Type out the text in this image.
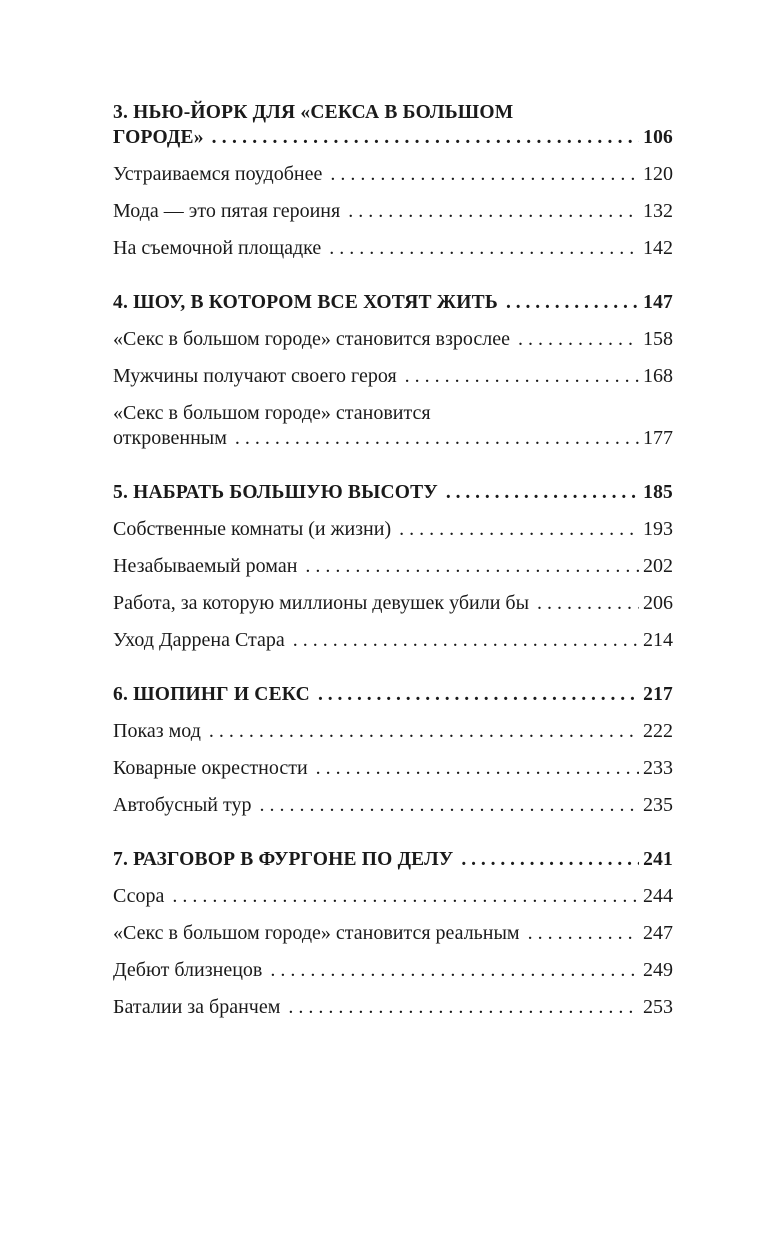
3. НЬЮ-ЙОРК ДЛЯ «СЕКСА В БОЛЬШОМ
ГОРОДЕ» . . .	106
Устраиваемся поудобнее . . .	120
Мода — это пятая героиня . . .	132
На съемочной площадке . . .	142
4. ШОУ, В КОТОРОМ ВСЕ ХОТЯТ ЖИТЬ . . .	147
«Секс в большом городе» становится взрослее . . .	158
Мужчины получают своего героя . . .	168
«Секс в большом городе» становится
откровенным . . .	177
5. НАБРАТЬ БОЛЬШУЮ ВЫСОТУ . . .	185
Собственные комнаты (и жизни) . . .	193
Незабываемый роман . . .	202
Работа, за которую миллионы девушек убили бы . . .	206
Уход Даррена Стара . . .	214
6. ШОПИНГ И СЕКС . . .	217
Показ мод . . .	222
Коварные окрестности . . .	233
Автобусный тур . . .	235
7. РАЗГОВОР В ФУРГОНЕ ПО ДЕЛУ . . .	241
Ссора . . .	244
«Секс в большом городе» становится реальным . . .	247
Дебют близнецов . . .	249
Баталии за бранчем . . .	253
